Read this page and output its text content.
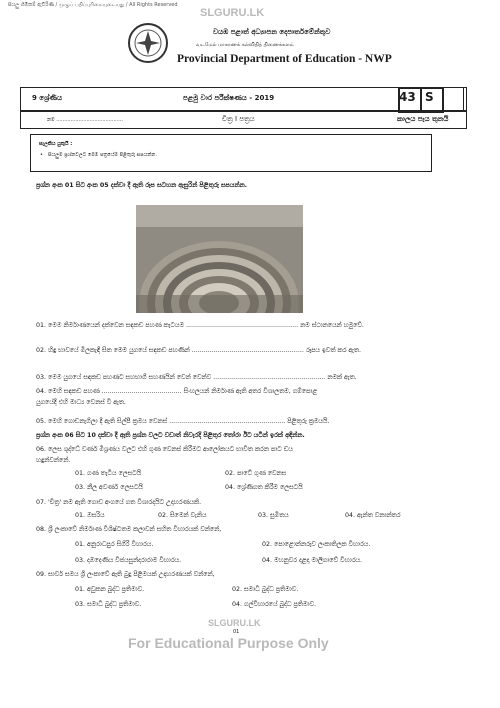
සියලු හිමිකම් ඇවිරිණි / முழுப் பதிப்புரிமையுடையது / All Rights Reserved
SLGURU.LK
වයඹ පළාත් අධ්‍යාපන දෙපාර්තමේන්තුව
வடமேல் மாகாணக் கல்விதித் திணைக்களம்
Provincial Department of Education - NWP
9 ශ්‍රේණිය	පළමු වාර පරීක්ෂණය - 2019	43 S
නම ..........................................	චිත්‍ර I පත්‍රය	කාලය පැය තුනයි
සැලකිය යුතුයි :
• සියලුම ප්‍රශ්නවලට මෙම පත්‍රයේම පිළිතුරු සපයන්න.
ප්‍රශ්න අංක 01 සිට අංක 05 දක්වා දී ඇති රූප සටහන ඇසුරින් පිළිතුරු සපයන්න.
01. මෙම නිර්මාණයෙන් දක්වෙන සඳකඩ පහණ කැටයම ........................................................ නම ස්ථානයෙන් හමුවේ.
02. හිඳු භාවයේ මිලකැඳී සිත මෙම යුගයේ සඳකඩ පහණින් ........................................................ රූපය ඉවත් කර ඇත.
03. මෙම යුගයේ සඳකඩ පහණට සහභාගී සහණයින් වෙන් වෙන්ව ........................................................ නමක් ඇත.
04. මෙහි සඳකඩ පහණ ........................................ සිංහලයන් නිර්මාණ ඇති අතර විශාලතම, ගම්පොළ
යුගයේදී එහි මාධ්‍ය වෙනස් වී ඇත.
05. මෙහි ගොඩනැගිලා දී ඇති සිල්පී ක්‍රමය වෙනස් .......................................................... පිළිතුරු ක්‍රමයයි.
ප්‍රශ්න අංක 06 සිට 10 දක්වා දී ඇති ප්‍රශ්න වලට වඩාත් නිවැරදි පිළිතුර තෝරා ඊට යටින් ඉරක් අඳින්න.
06. ලෙස ශුද්ධේ වර්ණ මිශ්‍රණය වලට එහි ගුණ වෙනස් කිරීමට ආලෝකයට භාවිත කරන පාට ඩය
හඳුන්වන්නේ.
01. ගණ තැටිය ලෙසටයි	02. පාටේ ගුණ වෙනස
03. නීල අවර්ණ ලෙසටයි	04. ශ්‍රේණිගත කිරීම ලෙසටයි
07. 'චිත්‍ර' නම ඇති ගොඩ අංගයේ ගත විශාරදයිට උදාහරණයකි.
01. ඔසරිය	02. සිමෙන් වැනිය	03. සුමිතය	04. ඇන්ත වනාන්තර
08. ශ්‍රී ලංකාවේ නිර්මාණ විශිෂ්ටතම කලාවන් සහිත විහාරයක් වන්නේ,
01. අනුරාධපුර සිගිරි විහාරය.	02. පොළොන්නරුව ලංකාතිලක විහාරය.
03. දඹදෙණිය විජයසුන්දරාරාම විහාරය.	04. මහනුවර දළදා මාලිගාවේ විහාරය.
09. සාර්ව සමය ශ්‍රී ලංකාවේ ඇති බුදු පිළිමයක් උදාහරණයක් වන්නේ,
01. අවුකන බුද්ධ ප්‍රතිමාව.	02. සමාධි බුද්ධ ප්‍රතිමාව.
03. සමාධි බුද්ධ ප්‍රතිමාව.	04. ගල්විහාරයේ බුද්ධ ප්‍රතිමාව.
SLGURU.LK
01
For Educational Purpose Only
